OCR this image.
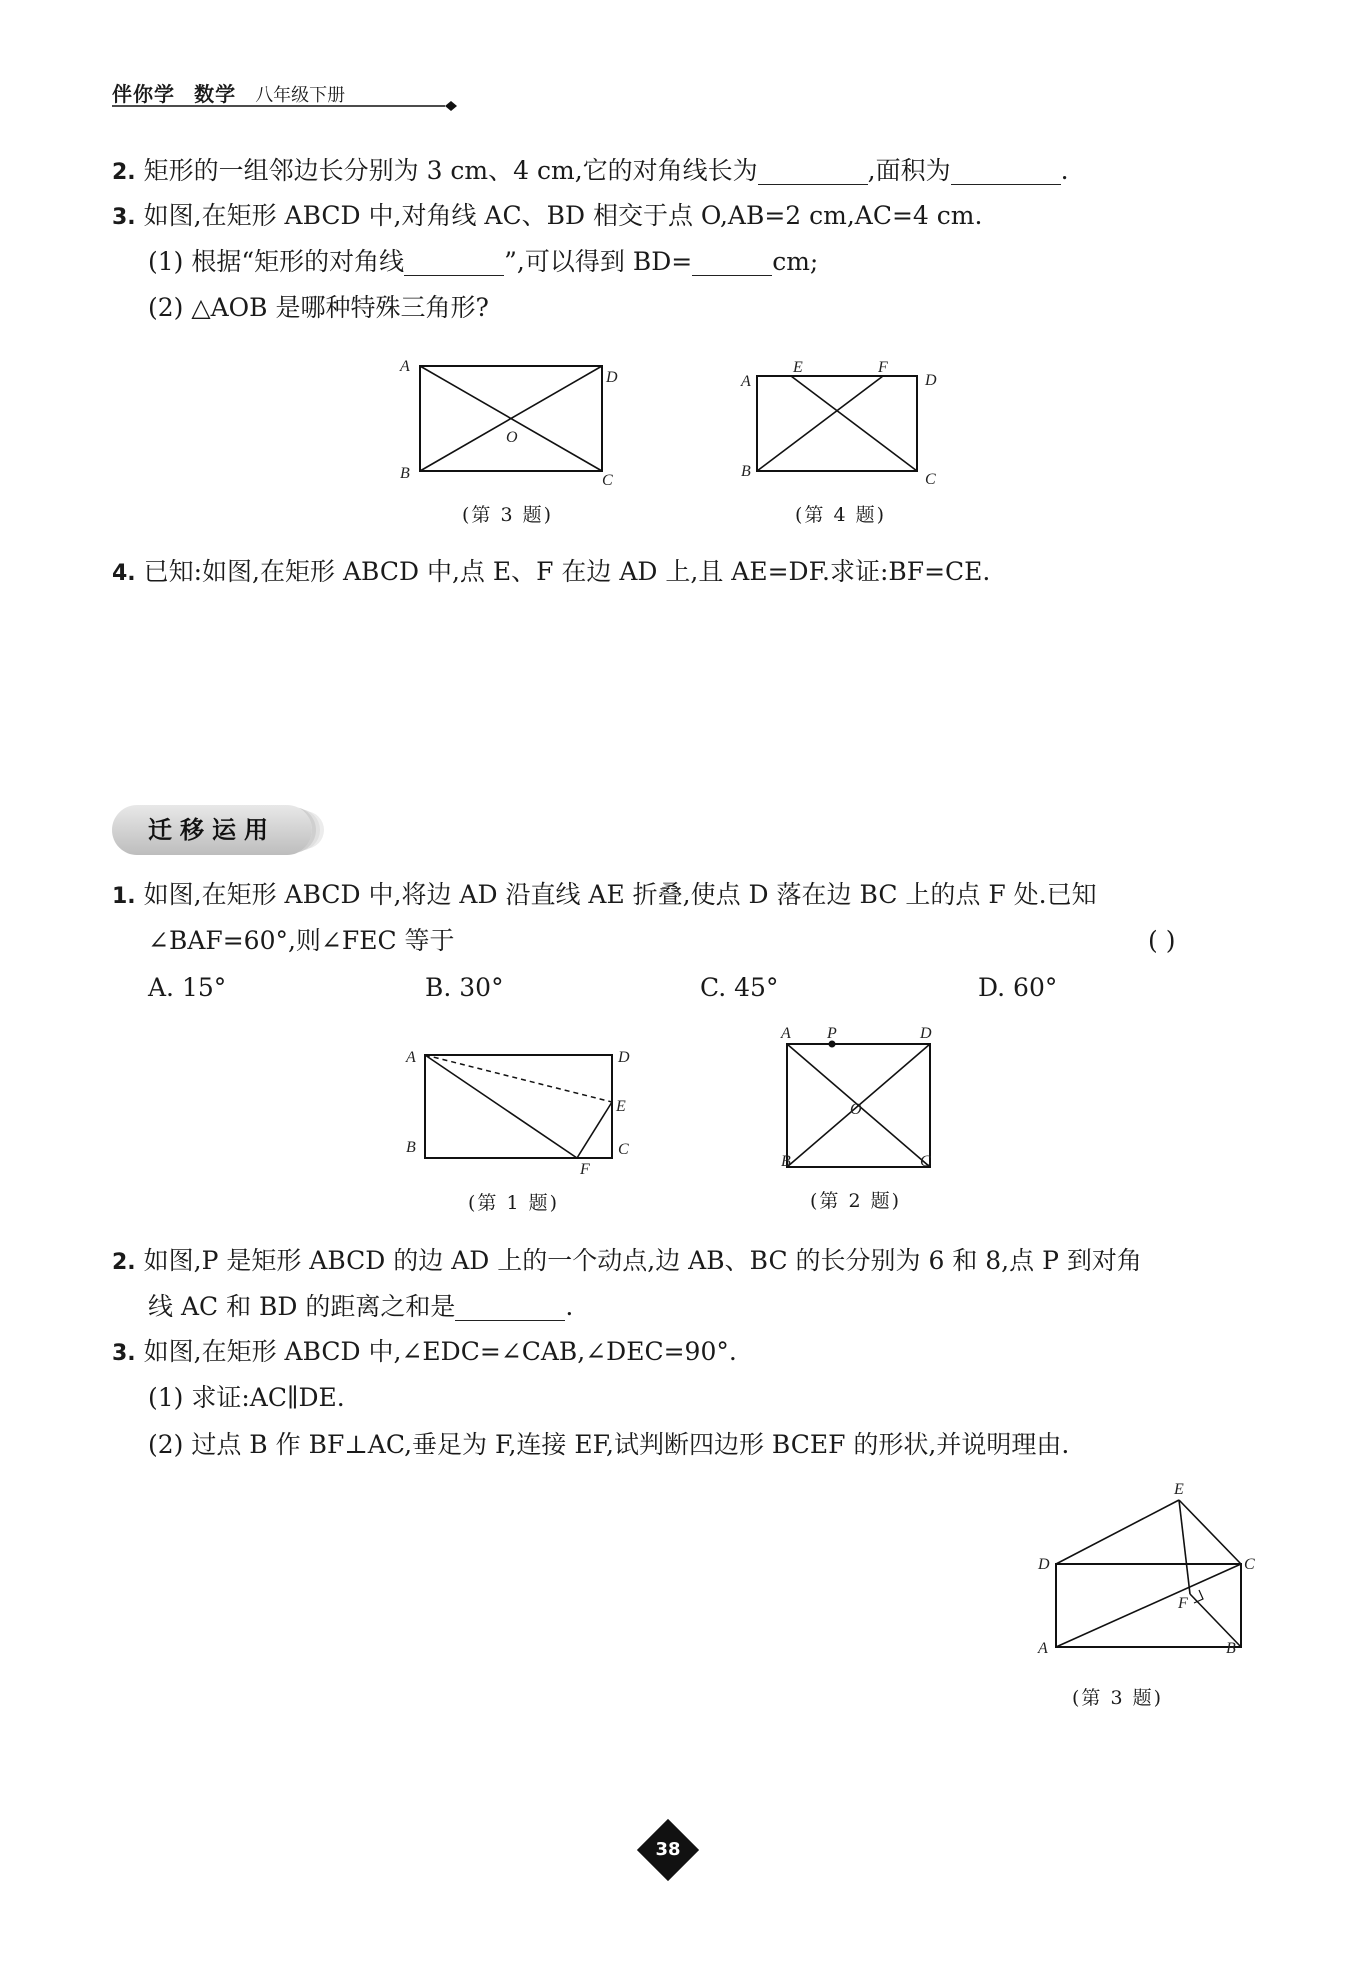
伴你学 数学 八年级下册
2. 矩形的一组邻边长分别为 3 cm、4 cm,它的对角线长为	,面积为	.
3. 如图,在矩形 ABCD 中,对角线 AC、BD 相交于点 O,AB=2 cm,AC=4 cm.
(1) 根据“矩形的对角线	”,可以得到 BD=	cm;
(2) △AOB 是哪种特殊三角形?
A
D
B	C
O
(第 3 题)
A
E	F
D
B	C
(第 4 题)
4. 已知:如图,在矩形 ABCD 中,点 E、F 在边 AD 上,且 AE=DF.求证:BF=CE.
迁移运用
1. 如图,在矩形 ABCD 中,将边 AD 沿直线 AE 折叠,使点 D 落在边 BC 上的点 F 处.已知
∠BAF=60°,则∠FEC 等于	( )
A. 15°	B. 30°	C. 45°	D. 60°
A	D
E
B	C
F
(第 1 题)
A P	D
O
B	C
(第 2 题)
2. 如图,P 是矩形 ABCD 的边 AD 上的一个动点,边 AB、BC 的长分别为 6 和 8,点 P 到对角
线 AC 和 BD 的距离之和是	.
3. 如图,在矩形 ABCD 中,∠EDC=∠CAB,∠DEC=90°.
(1) 求证:AC∥DE.
(2) 过点 B 作 BF⊥AC,垂足为 F,连接 EF,试判断四边形 BCEF 的形状,并说明理由.
E
D	C
F
A	B
(第 3 题)
38
